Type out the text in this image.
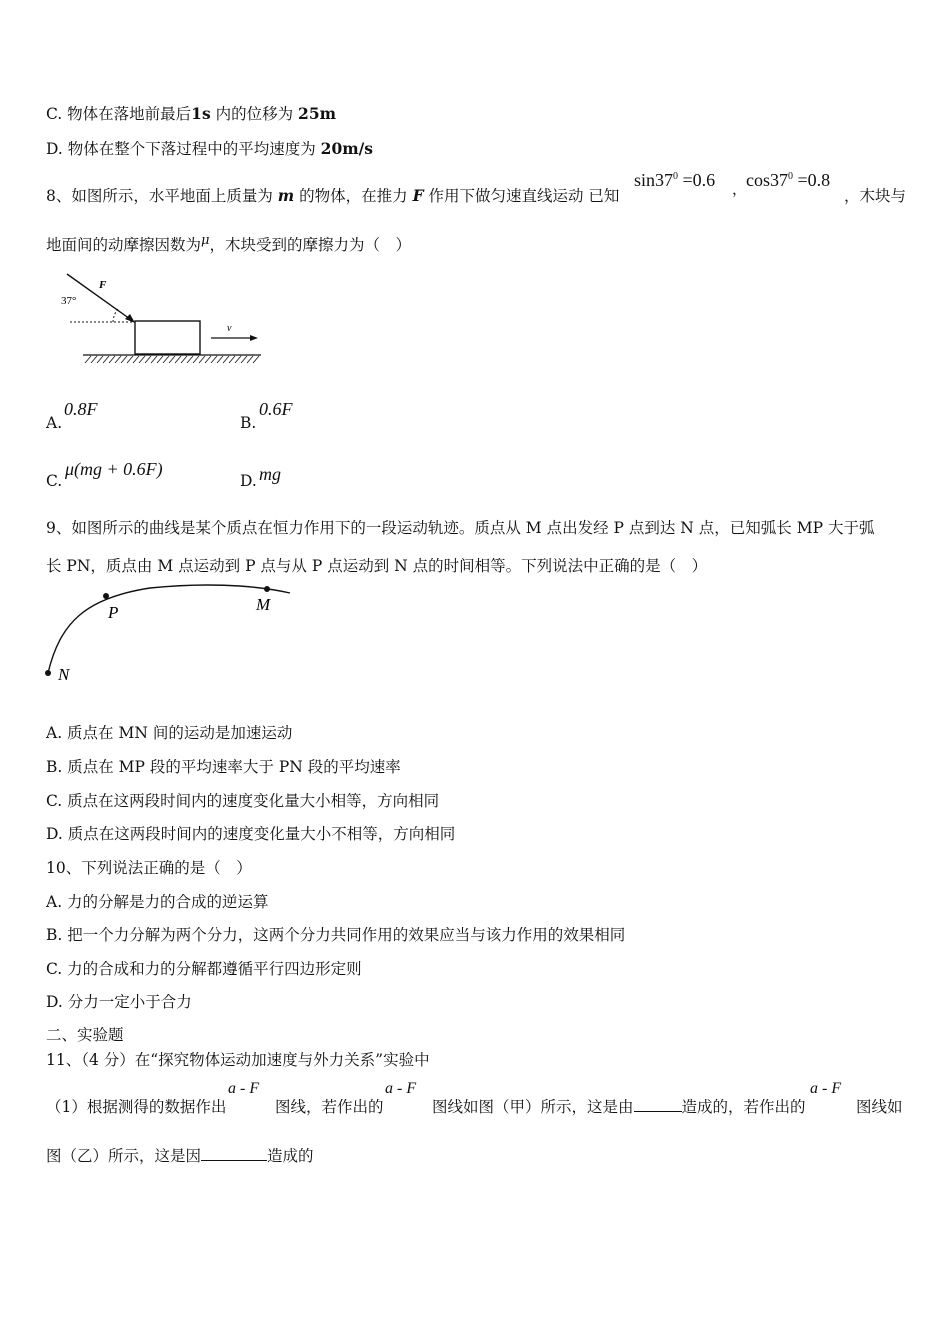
C. 物体在落地前最后1s 内的位移为 25m
D. 物体在整个下落过程中的平均速度为 20m/s
8、如图所示，水平地面上质量为 m 的物体，在推力 F 作用下做匀速直线运动 已知
$\sin 37^0 =0.6$ ，
$\cos 37^0 =0.8$
，木块与
地面间的动摩擦因数为$^\mu$，木块受到的摩擦力为（　）
F
37°
v
A.
0.8F
B.
0.6F
C.
μ(mg + 0.6F)
D. mg
9、如图所示的曲线是某个质点在恒力作用下的一段运动轨迹。质点从 M 点出发经 P 点到达 N 点，已知弧长 MP 大于弧
长 PN，质点由 M 点运动到 P 点与从 P 点运动到 N 点的时间相等。下列说法中正确的是（　）
P	M
N
A. 质点在 MN 间的运动是加速运动
B. 质点在 MP 段的平均速率大于 PN 段的平均速率
C. 质点在这两段时间内的速度变化量大小相等，方向相同
D. 质点在这两段时间内的速度变化量大小不相等，方向相同
10、下列说法正确的是（　）
A. 力的分解是力的合成的逆运算
B. 把一个力分解为两个分力，这两个分力共同作用的效果应当与该力作用的效果相同
C. 力的合成和力的分解都遵循平行四边形定则
D. 分力一定小于合力
二、实验题
11、（4 分）在“探究物体运动加速度与外力关系”实验中
（1）根据测得的数据作出
a - F
图线，若作出的
a - F
图线如图（甲）所示，这是由	造成的，若作出的
a - F
图线如
图（乙）所示，这是因	造成的
